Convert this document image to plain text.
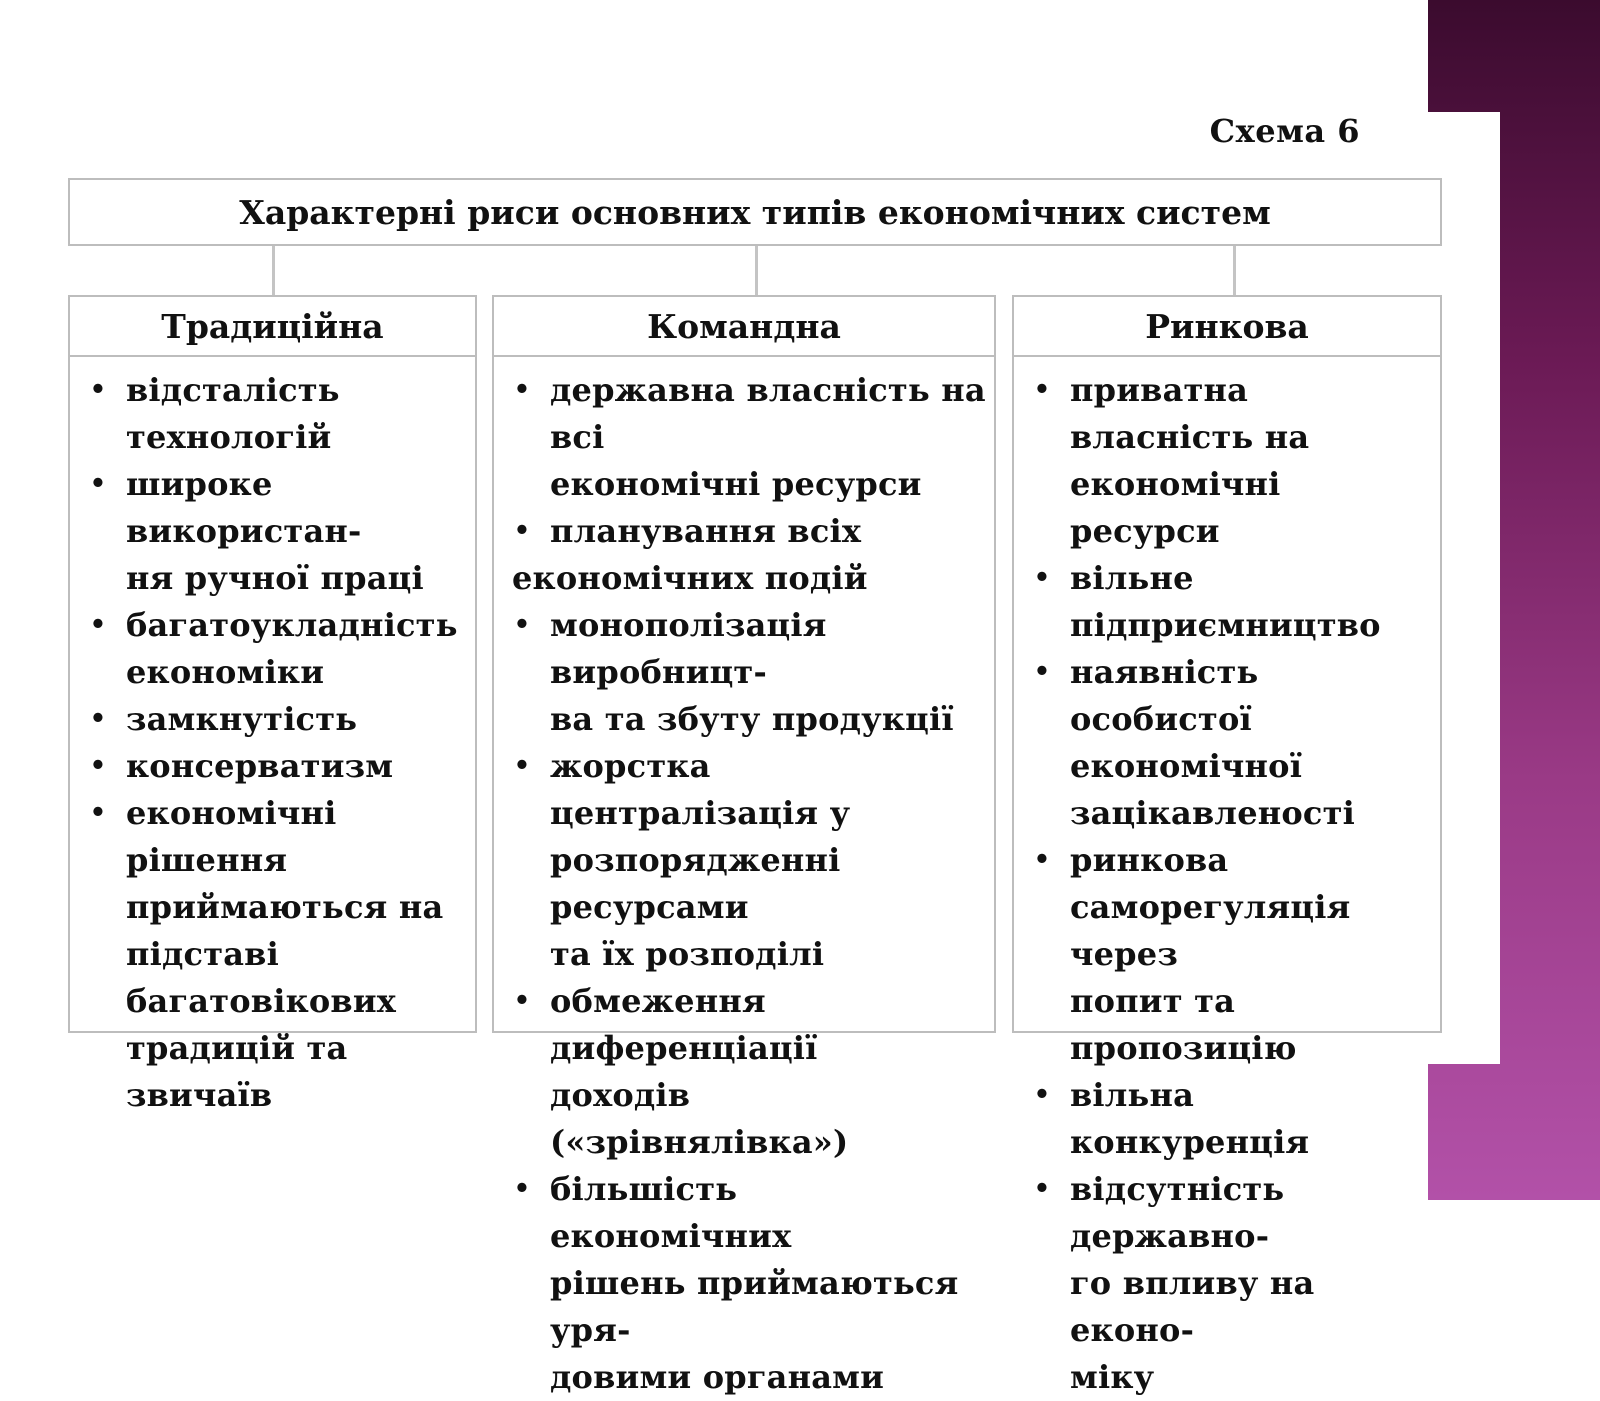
Схема 6
Характерні риси основних типів економічних систем
Традиційна
• відсталість
технологій
• широке використан-
ня ручної праці
• багатоукладність
економіки
• замкнутість
• консерватизм
• економічні рішення
приймаються на
підставі
багатовікових
традицій та звичаїв
Командна
• державна власність на всі
економічні ресурси
• планування всіх

економічних подій
• монополізація виробницт-
ва та збуту продукції
• жорстка централізація у
розпорядженні ресурсами
та їх розподілі
• обмеження диференціації
доходів («зрівнялівка»)
• більшість економічних
рішень приймаються уря-
довими органами
Ринкова
• приватна власність на
економічні ресурси
• вільне
підприємництво
• наявність особистої
економічної
зацікавленості
• ринкова
саморегуляція через
попит та пропозицію
• вільна конкуренція
• відсутність державно-
го впливу на еконо-
міку
